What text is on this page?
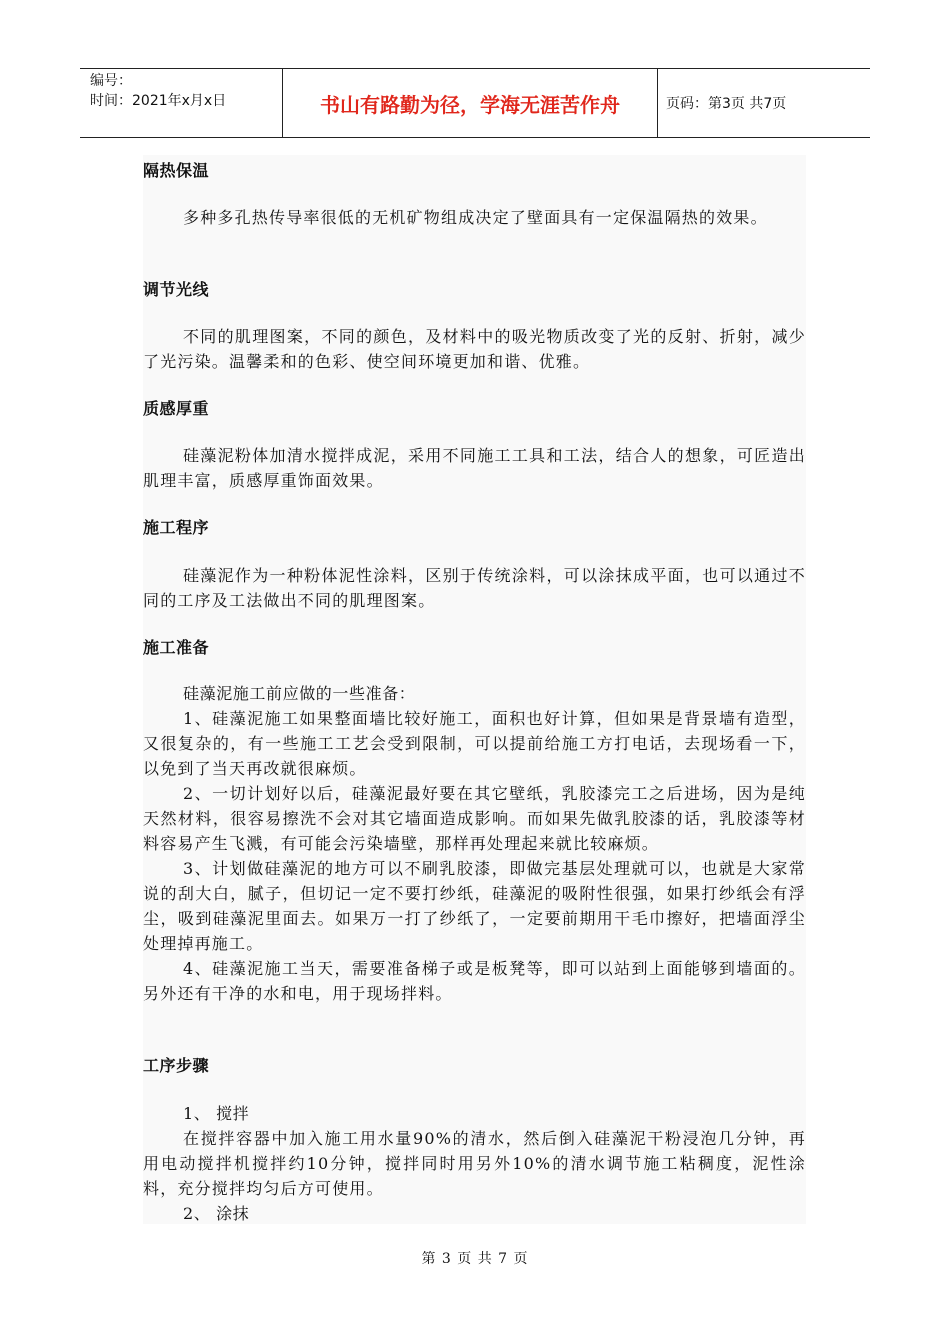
编号：
时间：2021年x月x日	书山有路勤为径，学海无涯苦作舟	页码：第3页 共7页
隔热保温

多种多孔热传导率很低的无机矿物组成决定了壁面具有一定保温隔热的效果。

调节光线

不同的肌理图案，不同的颜色，及材料中的吸光物质改变了光的反射、折射，减少了光污染。温馨柔和的色彩、使空间环境更加和谐、优雅。

质感厚重

硅藻泥粉体加清水搅拌成泥，采用不同施工工具和工法，结合人的想象，可匠造出肌理丰富，质感厚重饰面效果。

施工程序

硅藻泥作为一种粉体泥性涂料，区别于传统涂料，可以涂抹成平面，也可以通过不同的工序及工法做出不同的肌理图案。

施工准备

硅藻泥施工前应做的一些准备：

1、硅藻泥施工如果整面墙比较好施工，面积也好计算，但如果是背景墙有造型，又很复杂的，有一些施工工艺会受到限制，可以提前给施工方打电话，去现场看一下，以免到了当天再改就很麻烦。

2、一切计划好以后，硅藻泥最好要在其它壁纸，乳胶漆完工之后进场，因为是纯天然材料，很容易擦洗不会对其它墙面造成影响。而如果先做乳胶漆的话，乳胶漆等材料容易产生飞溅，有可能会污染墙壁，那样再处理起来就比较麻烦。

3、计划做硅藻泥的地方可以不刷乳胶漆，即做完基层处理就可以，也就是大家常说的刮大白，腻子，但切记一定不要打纱纸，硅藻泥的吸附性很强，如果打纱纸会有浮尘，吸到硅藻泥里面去。如果万一打了纱纸了，一定要前期用干毛巾擦好，把墙面浮尘处理掉再施工。

4、硅藻泥施工当天，需要准备梯子或是板凳等，即可以站到上面能够到墙面的。另外还有干净的水和电，用于现场拌料。

工序步骤

1、 搅拌

在搅拌容器中加入施工用水量90%的清水，然后倒入硅藻泥干粉浸泡几分钟，再用电动搅拌机搅拌约10分钟，搅拌同时用另外10%的清水调节施工粘稠度，泥性涂料，充分搅拌均匀后方可使用。

2、 涂抹

第 3 页 共 7 页
